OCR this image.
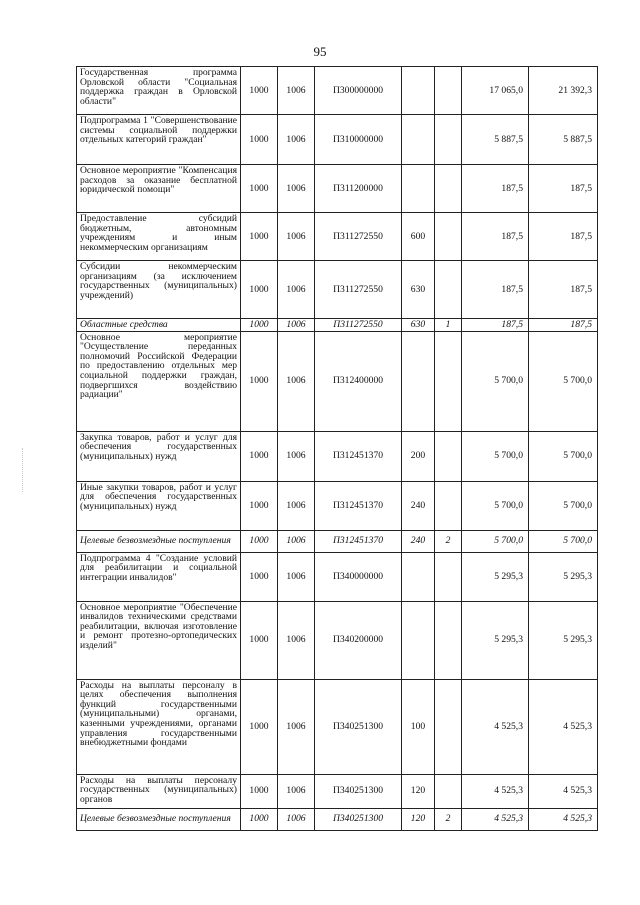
95
Государственная программа Орловской области "Социальная поддержка граждан в Орловской области"	1000	1006	П300000000			17 065,0	21 392,3
Подпрограмма 1 "Совершенствование системы социальной поддержки отдельных категорий граждан"	1000	1006	П310000000			5 887,5	5 887,5
Основное мероприятие "Компенсация расходов за оказание бесплатной юридической помощи"	1000	1006	П311200000			187,5	187,5
Предоставление субсидий бюджетным, автономным учреждениям и иным некоммерческим организациям	1000	1006	П311272550	600		187,5	187,5
Субсидии некоммерческим организациям (за исключением государственных (муниципальных) учреждений)	1000	1006	П311272550	630		187,5	187,5
Областные средства	1000	1006	П311272550	630	1	187,5	187,5
Основное мероприятие "Осуществление переданных полномочий Российской Федерации по предоставлению отдельных мер социальной поддержки граждан, подвергшихся воздействию радиации"	1000	1006	П312400000			5 700,0	5 700,0
Закупка товаров, работ и услуг для обеспечения государственных (муниципальных) нужд	1000	1006	П312451370	200		5 700,0	5 700,0
Иные закупки товаров, работ и услуг для обеспечения государственных (муниципальных) нужд	1000	1006	П312451370	240		5 700,0	5 700,0
Целевые безвозмездные поступления	1000	1006	П312451370	240	2	5 700,0	5 700,0
Подпрограмма 4 "Создание условий для реабилитации и социальной интеграции инвалидов"	1000	1006	П340000000			5 295,3	5 295,3
Основное мероприятие "Обеспечение инвалидов техническими средствами реабилитации, включая изготовление и ремонт протезно-ортопедических изделий"	1000	1006	П340200000			5 295,3	5 295,3
Расходы на выплаты персоналу в целях обеспечения выполнения функций государственными (муниципальными) органами, казенными учреждениями, органами управления государственными внебюджетными фондами	1000	1006	П340251300	100		4 525,3	4 525,3
Расходы на выплаты персоналу государственных (муниципальных) органов	1000	1006	П340251300	120		4 525,3	4 525,3
Целевые безвозмездные поступления	1000	1006	П340251300	120	2	4 525,3	4 525,3
